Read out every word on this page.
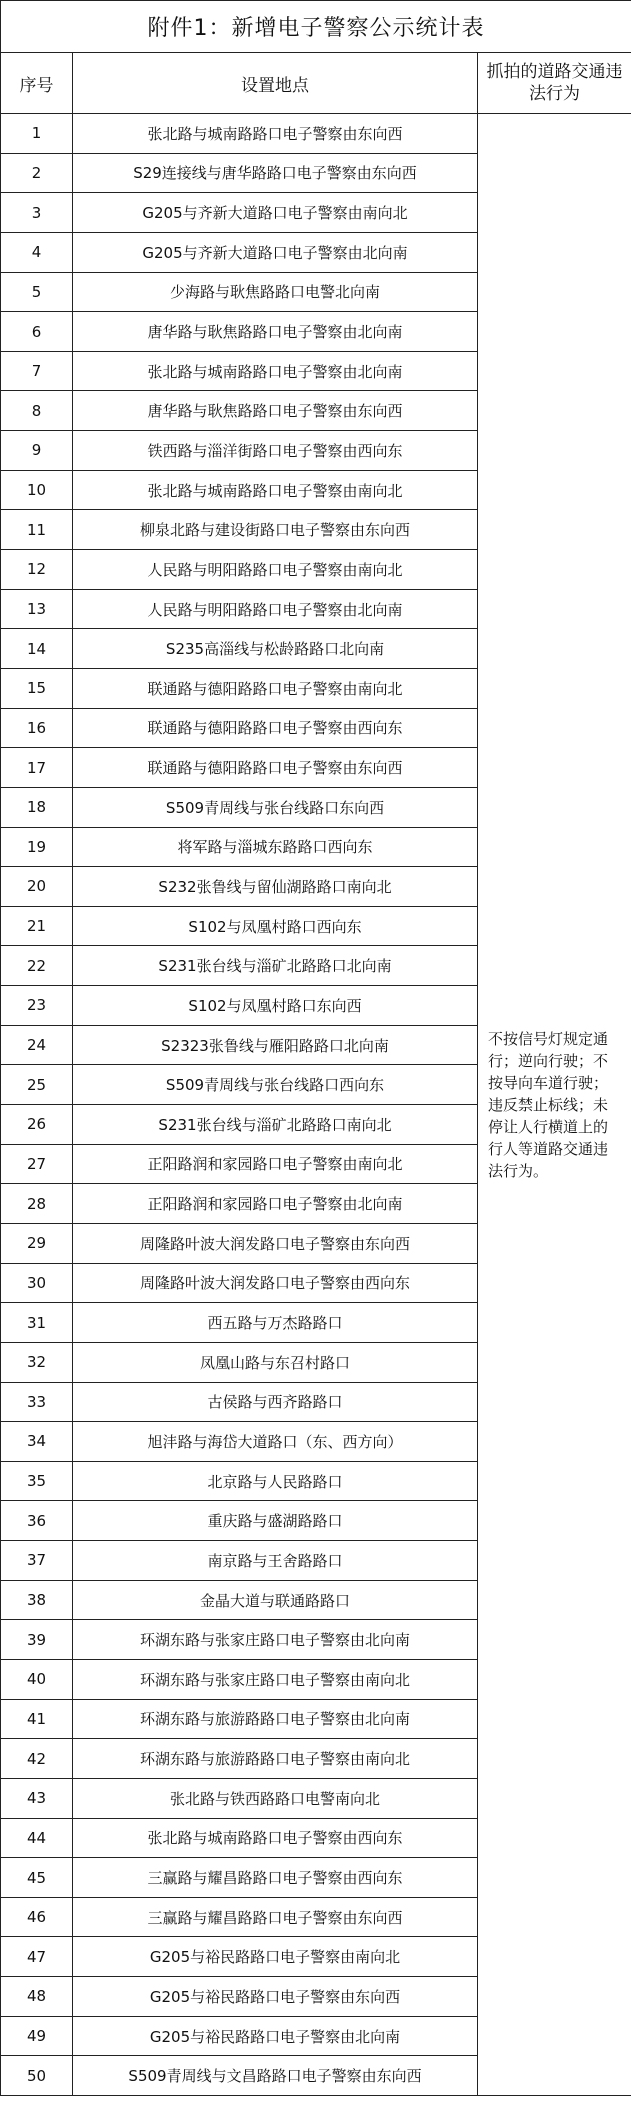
附件1：新增电子警察公示统计表		
序号	设置地点	抓拍的道路交通违法行为
1	张北路与城南路路口电子警察由东向西	不按信号灯规定通行；逆向行驶；不按导向车道行驶；违反禁止标线；未停让人行横道上的行人等道路交通违法行为。
2	S29连接线与唐华路路口电子警察由东向西	
3	G205与齐新大道路口电子警察由南向北	
4	G205与齐新大道路口电子警察由北向南	
5	少海路与耿焦路路口电警北向南	
6	唐华路与耿焦路路口电子警察由北向南	
7	张北路与城南路路口电子警察由北向南	
8	唐华路与耿焦路路口电子警察由东向西	
9	铁西路与淄洋街路口电子警察由西向东	
10	张北路与城南路路口电子警察由南向北	
11	柳泉北路与建设街路口电子警察由东向西	
12	人民路与明阳路路口电子警察由南向北	
13	人民路与明阳路路口电子警察由北向南	
14	S235高淄线与松龄路路口北向南	
15	联通路与德阳路路口电子警察由南向北	
16	联通路与德阳路路口电子警察由西向东	
17	联通路与德阳路路口电子警察由东向西	
18	S509青周线与张台线路口东向西	
19	将军路与淄城东路路口西向东	
20	S232张鲁线与留仙湖路路口南向北	
21	S102与凤凰村路口西向东	
22	S231张台线与淄矿北路路口北向南	
23	S102与凤凰村路口东向西	
24	S2323张鲁线与雁阳路路口北向南	
25	S509青周线与张台线路口西向东	
26	S231张台线与淄矿北路路口南向北	
27	正阳路润和家园路口电子警察由南向北	
28	正阳路润和家园路口电子警察由北向南	
29	周隆路叶波大润发路口电子警察由东向西	
30	周隆路叶波大润发路口电子警察由西向东	
31	西五路与万杰路路口	
32	凤凰山路与东召村路口	
33	古侯路与西齐路路口	
34	旭沣路与海岱大道路口（东、西方向）	
35	北京路与人民路路口	
36	重庆路与盛湖路路口	
37	南京路与王舍路路口	
38	金晶大道与联通路路口	
39	环湖东路与张家庄路口电子警察由北向南	
40	环湖东路与张家庄路口电子警察由南向北	
41	环湖东路与旅游路路口电子警察由北向南	
42	环湖东路与旅游路路口电子警察由南向北	
43	张北路与铁西路路口电警南向北	
44	张北路与城南路路口电子警察由西向东	
45	三赢路与耀昌路路口电子警察由西向东	
46	三赢路与耀昌路路口电子警察由东向西	
47	G205与裕民路路口电子警察由南向北	
48	G205与裕民路路口电子警察由东向西	
49	G205与裕民路路口电子警察由北向南	
50	S509青周线与文昌路路口电子警察由东向西	
